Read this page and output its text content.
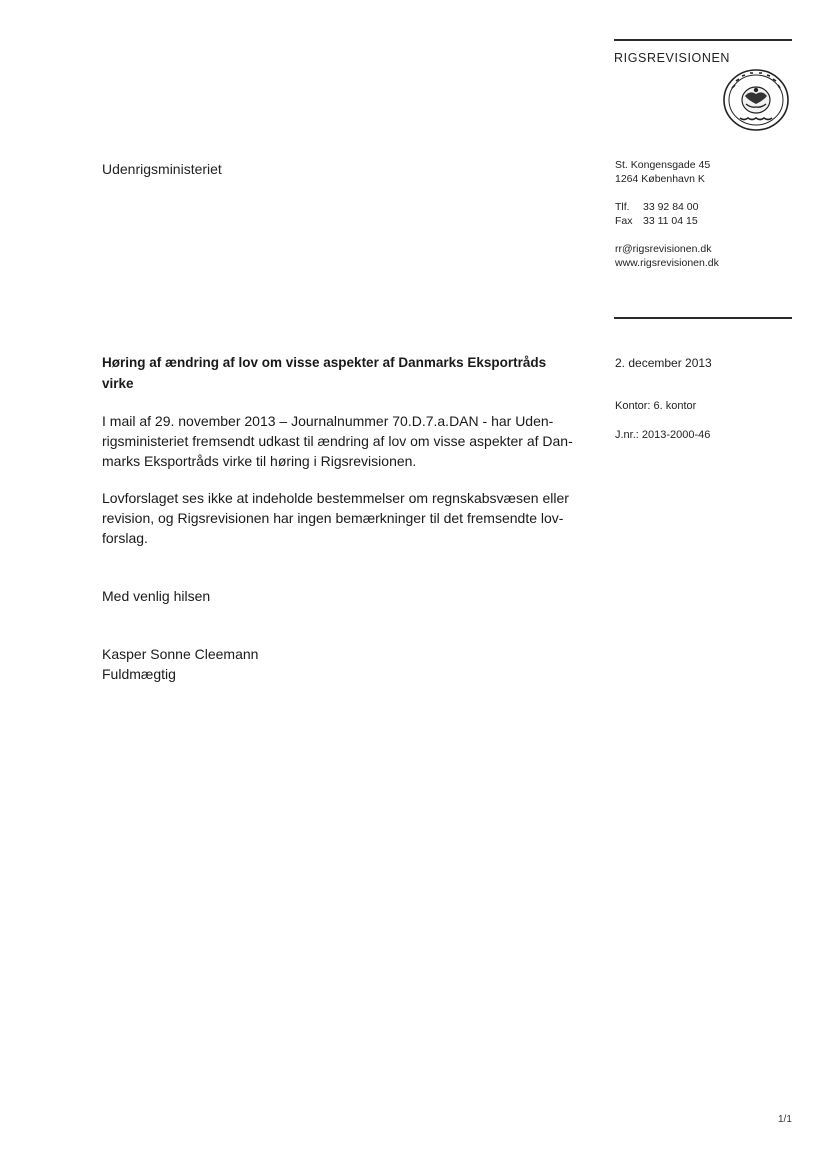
RIGSREVISIONEN
Udenrigsministeriet	St. Kongensgade 45
1264 København K
Tlf. 33 92 84 00
Fax 33 11 04 15
rr@rigsrevisionen.dk
www.rigsrevisionen.dk
Høring af ændring af lov om visse aspekter af Danmarks Eksportråds
virke
2. december 2013
Kontor: 6. kontor
J.nr.: 2013-2000-46
I mail af 29. november 2013 – Journalnummer 70.D.7.a.DAN - har Uden-
rigsministeriet fremsendt udkast til ændring af lov om visse aspekter af Dan-
marks Eksportråds virke til høring i Rigsrevisionen.
Lovforslaget ses ikke at indeholde bestemmelser om regnskabsvæsen eller
revision, og Rigsrevisionen har ingen bemærkninger til det fremsendte lov-
forslag.
Med venlig hilsen
Kasper Sonne Cleemann
Fuldmægtig
1/1
